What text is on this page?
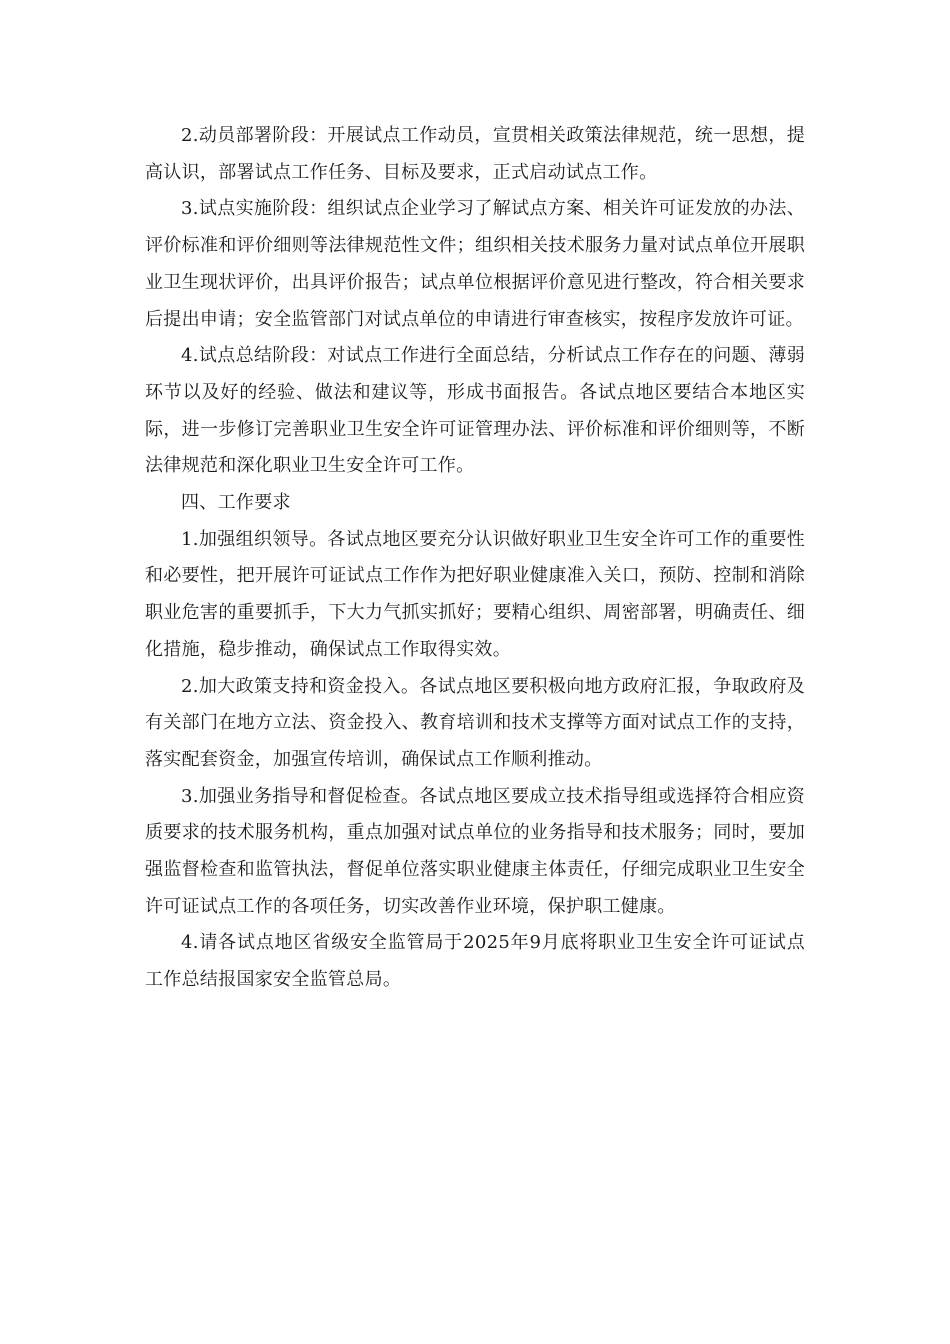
2.动员部署阶段：开展试点工作动员，宣贯相关政策法律规范，统一思想，提高认识，部署试点工作任务、目标及要求，正式启动试点工作。

3.试点实施阶段：组织试点企业学习了解试点方案、相关许可证发放的办法、评价标准和评价细则等法律规范性文件；组织相关技术服务力量对试点单位开展职业卫生现状评价，出具评价报告；试点单位根据评价意见进行整改，符合相关要求后提出申请；安全监管部门对试点单位的申请进行审查核实，按程序发放许可证。

4.试点总结阶段：对试点工作进行全面总结，分析试点工作存在的问题、薄弱环节以及好的经验、做法和建议等，形成书面报告。各试点地区要结合本地区实际，进一步修订完善职业卫生安全许可证管理办法、评价标准和评价细则等，不断法律规范和深化职业卫生安全许可工作。

四、工作要求

1.加强组织领导。各试点地区要充分认识做好职业卫生安全许可工作的重要性和必要性，把开展许可证试点工作作为把好职业健康准入关口，预防、控制和消除职业危害的重要抓手，下大力气抓实抓好；要精心组织、周密部署，明确责任、细化措施，稳步推动，确保试点工作取得实效。

2.加大政策支持和资金投入。各试点地区要积极向地方政府汇报，争取政府及有关部门在地方立法、资金投入、教育培训和技术支撑等方面对试点工作的支持，落实配套资金，加强宣传培训，确保试点工作顺利推动。

3.加强业务指导和督促检查。各试点地区要成立技术指导组或选择符合相应资质要求的技术服务机构，重点加强对试点单位的业务指导和技术服务；同时，要加强监督检查和监管执法，督促单位落实职业健康主体责任，仔细完成职业卫生安全许可证试点工作的各项任务，切实改善作业环境，保护职工健康。

4.请各试点地区省级安全监管局于2025年9月底将职业卫生安全许可证试点工作总结报国家安全监管总局。
